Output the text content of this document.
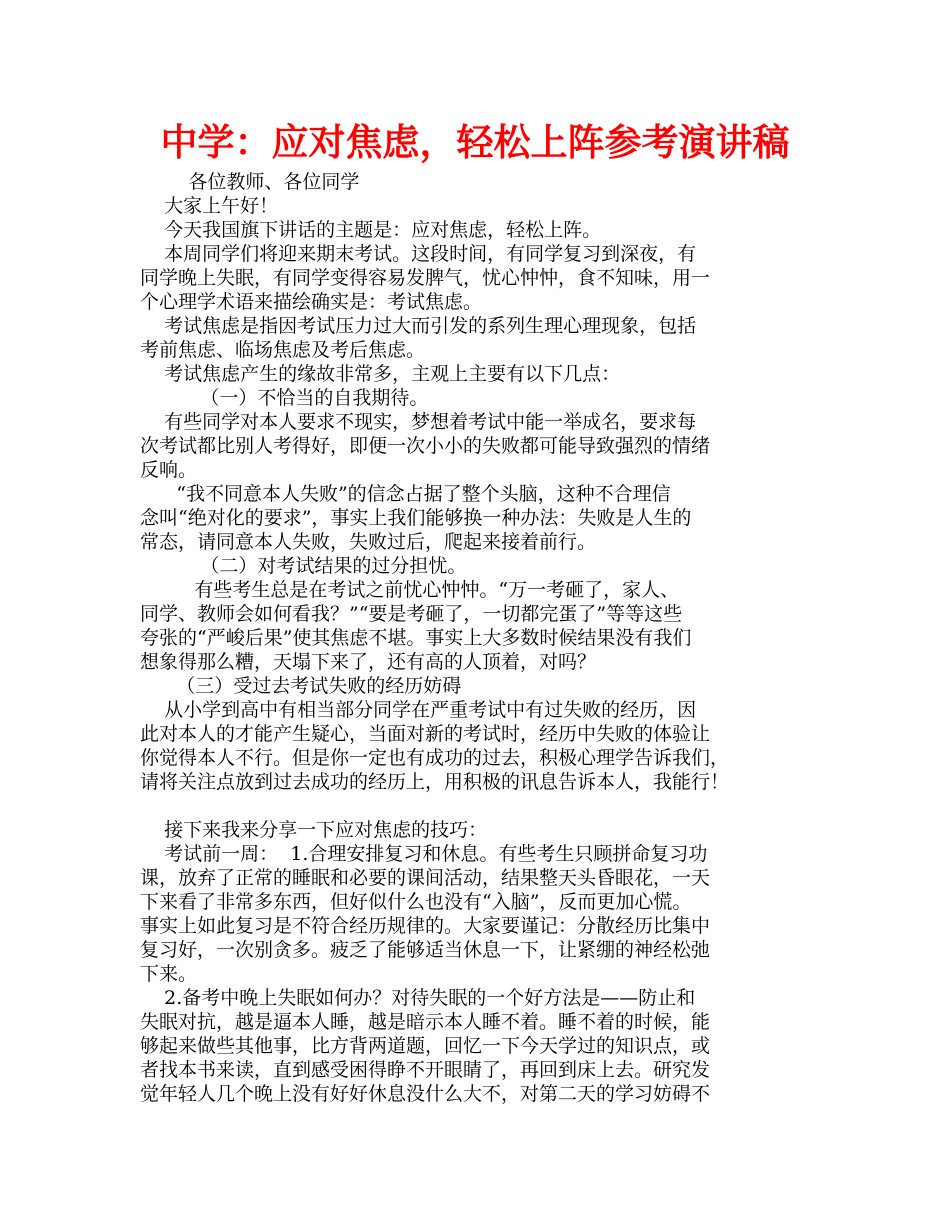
中学：应对焦虑，轻松上阵参考演讲稿

各位教师、各位同学

大家上午好！

今天我国旗下讲话的主题是：应对焦虑，轻松上阵。

本周同学们将迎来期末考试。这段时间，有同学复习到深夜，有

同学晚上失眠，有同学变得容易发脾气，忧心忡忡，食不知味，用一

个心理学术语来描绘确实是：考试焦虑。

考试焦虑是指因考试压力过大而引发的系列生理心理现象，包括

考前焦虑、临场焦虑及考后焦虑。

考试焦虑产生的缘故非常多，主观上主要有以下几点：

（一）不恰当的自我期待。

有些同学对本人要求不现实，梦想着考试中能一举成名，要求每

次考试都比别人考得好，即便一次小小的失败都可能导致强烈的情绪

反响。

“我不同意本人失败”的信念占据了整个头脑，这种不合理信

念叫“绝对化的要求”，事实上我们能够换一种办法：失败是人生的

常态，请同意本人失败，失败过后，爬起来接着前行。

（二）对考试结果的过分担忧。

有些考生总是在考试之前忧心忡忡。“万一考砸了，家人、

同学、教师会如何看我？”“要是考砸了，一切都完蛋了”等等这些

夸张的“严峻后果”使其焦虑不堪。事实上大多数时候结果没有我们

想象得那么糟，天塌下来了，还有高的人顶着，对吗？

（三）受过去考试失败的经历妨碍

从小学到高中有相当部分同学在严重考试中有过失败的经历，因

此对本人的才能产生疑心，当面对新的考试时，经历中失败的体验让

你觉得本人不行。但是你一定也有成功的过去，积极心理学告诉我们，

请将关注点放到过去成功的经历上，用积极的讯息告诉本人，我能行！

接下来我来分享一下应对焦虑的技巧：

考试前一周：  1.合理安排复习和休息。有些考生只顾拼命复习功

课，放弃了正常的睡眠和必要的课间活动，结果整天头昏眼花，一天

下来看了非常多东西，但好似什么也没有“入脑”，反而更加心慌。

事实上如此复习是不符合经历规律的。大家要谨记：分散经历比集中

复习好，一次别贪多。疲乏了能够适当休息一下，让紧绷的神经松弛

下来。

2.备考中晚上失眠如何办？对待失眠的一个好方法是——防止和

失眠对抗，越是逼本人睡，越是暗示本人睡不着。睡不着的时候，能

够起来做些其他事，比方背两道题，回忆一下今天学过的知识点，或

者找本书来读，直到感受困得睁不开眼睛了，再回到床上去。研究发

觉年轻人几个晚上没有好好休息没什么大不，对第二天的学习妨碍不
